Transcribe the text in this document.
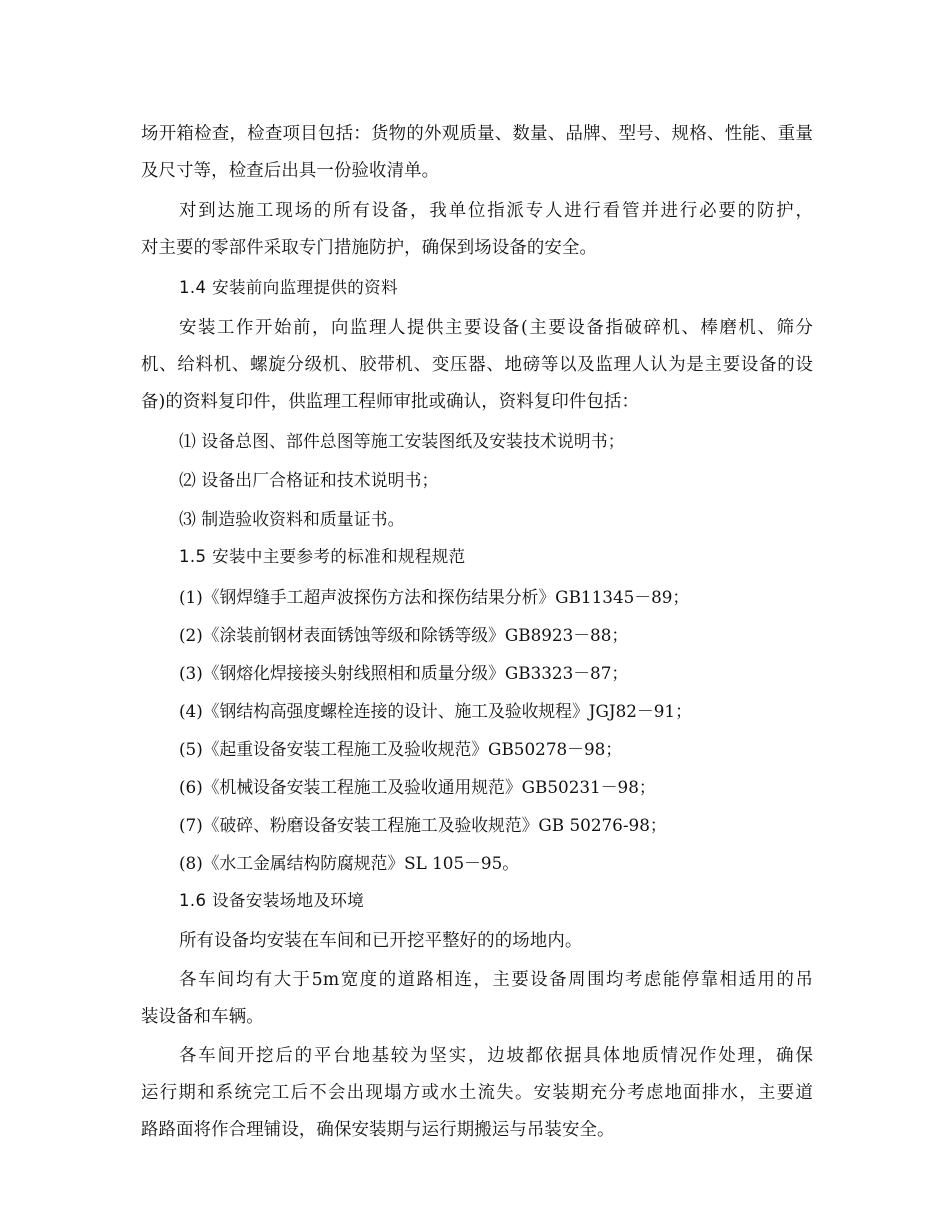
场开箱检查，检查项目包括：货物的外观质量、数量、品牌、型号、规格、性能、重量
及尺寸等，检查后出具一份验收清单。
对到达施工现场的所有设备，我单位指派专人进行看管并进行必要的防护，
对主要的零部件采取专门措施防护，确保到场设备的安全。
1.4 安装前向监理提供的资料
安装工作开始前，向监理人提供主要设备(主要设备指破碎机、棒磨机、筛分
机、给料机、螺旋分级机、胶带机、变压器、地磅等以及监理人认为是主要设备的设
备)的资料复印件，供监理工程师审批或确认，资料复印件包括：
⑴ 设备总图、部件总图等施工安装图纸及安装技术说明书；
⑵ 设备出厂合格证和技术说明书；
⑶ 制造验收资料和质量证书。
1.5 安装中主要参考的标准和规程规范
(1)《钢焊缝手工超声波探伤方法和探伤结果分析》GB11345－89；
(2)《涂装前钢材表面锈蚀等级和除锈等级》GB8923－88；
(3)《钢熔化焊接接头射线照相和质量分级》GB3323－87；
(4)《钢结构高强度螺栓连接的设计、施工及验收规程》JGJ82－91；
(5)《起重设备安装工程施工及验收规范》GB50278－98；
(6)《机械设备安装工程施工及验收通用规范》GB50231－98；
(7)《破碎、粉磨设备安装工程施工及验收规范》GB 50276-98；
(8)《水工金属结构防腐规范》SL 105－95。
1.6 设备安装场地及环境
所有设备均安装在车间和已开挖平整好的的场地内。
各车间均有大于5m宽度的道路相连，主要设备周围均考虑能停靠相适用的吊
装设备和车辆。
各车间开挖后的平台地基较为坚实，边坡都依据具体地质情况作处理，确保
运行期和系统完工后不会出现塌方或水土流失。安装期充分考虑地面排水，主要道
路路面将作合理铺设，确保安装期与运行期搬运与吊装安全。
